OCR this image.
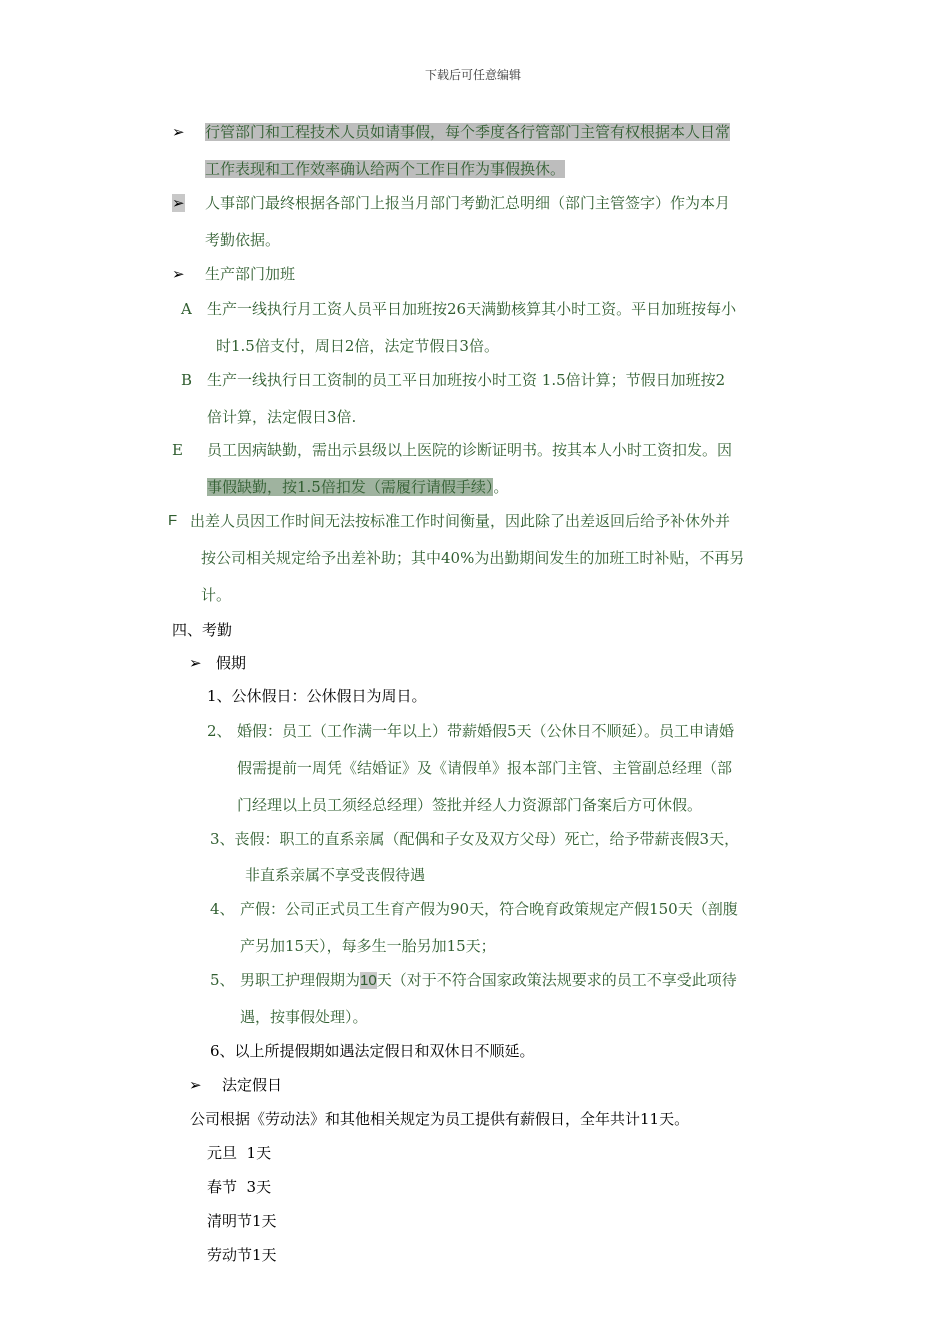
下载后可任意编辑
➢ 行管部门和工程技术人员如请事假，每个季度各行管部门主管有权根据本人日常
工作表现和工作效率确认给两个工作日作为事假换休。
➢ 人事部门最终根据各部门上报当月部门考勤汇总明细（部门主管签字）作为本月
考勤依据。
➢ 生产部门加班
A 生产一线执行月工资人员平日加班按26天满勤核算其小时工资。平日加班按每小
时1.5倍支付，周日2倍，法定节假日3倍。
B 生产一线执行日工资制的员工平日加班按小时工资 1.5倍计算；节假日加班按2
倍计算，法定假日3倍.
E 员工因病缺勤，需出示县级以上医院的诊断证明书。按其本人小时工资扣发。因
事假缺勤，按1.5倍扣发（需履行请假手续）。
F 出差人员因工作时间无法按标准工作时间衡量，因此除了出差返回后给予补休外并
按公司相关规定给予出差补助；其中40%为出勤期间发生的加班工时补贴，不再另
计。
四、考勤
➢ 假期
1、公休假日：公休假日为周日。
2、 婚假：员工（工作满一年以上）带薪婚假5天（公休日不顺延）。员工申请婚
假需提前一周凭《结婚证》及《请假单》报本部门主管、主管副总经理（部
门经理以上员工须经总经理）签批并经人力资源部门备案后方可休假。
3、丧假：职工的直系亲属（配偶和子女及双方父母）死亡，给予带薪丧假3天，
非直系亲属不享受丧假待遇
4、 产假：公司正式员工生育产假为90天，符合晚育政策规定产假150天（剖腹
产另加15天），每多生一胎另加15天；
5、 男职工护理假期为10天（对于不符合国家政策法规要求的员工不享受此项待
遇，按事假处理）。
6、以上所提假期如遇法定假日和双休日不顺延。
➢ 法定假日
公司根据《劳动法》和其他相关规定为员工提供有薪假日，全年共计11天。
元旦  1天
春节  3天
清明节1天
劳动节1天
